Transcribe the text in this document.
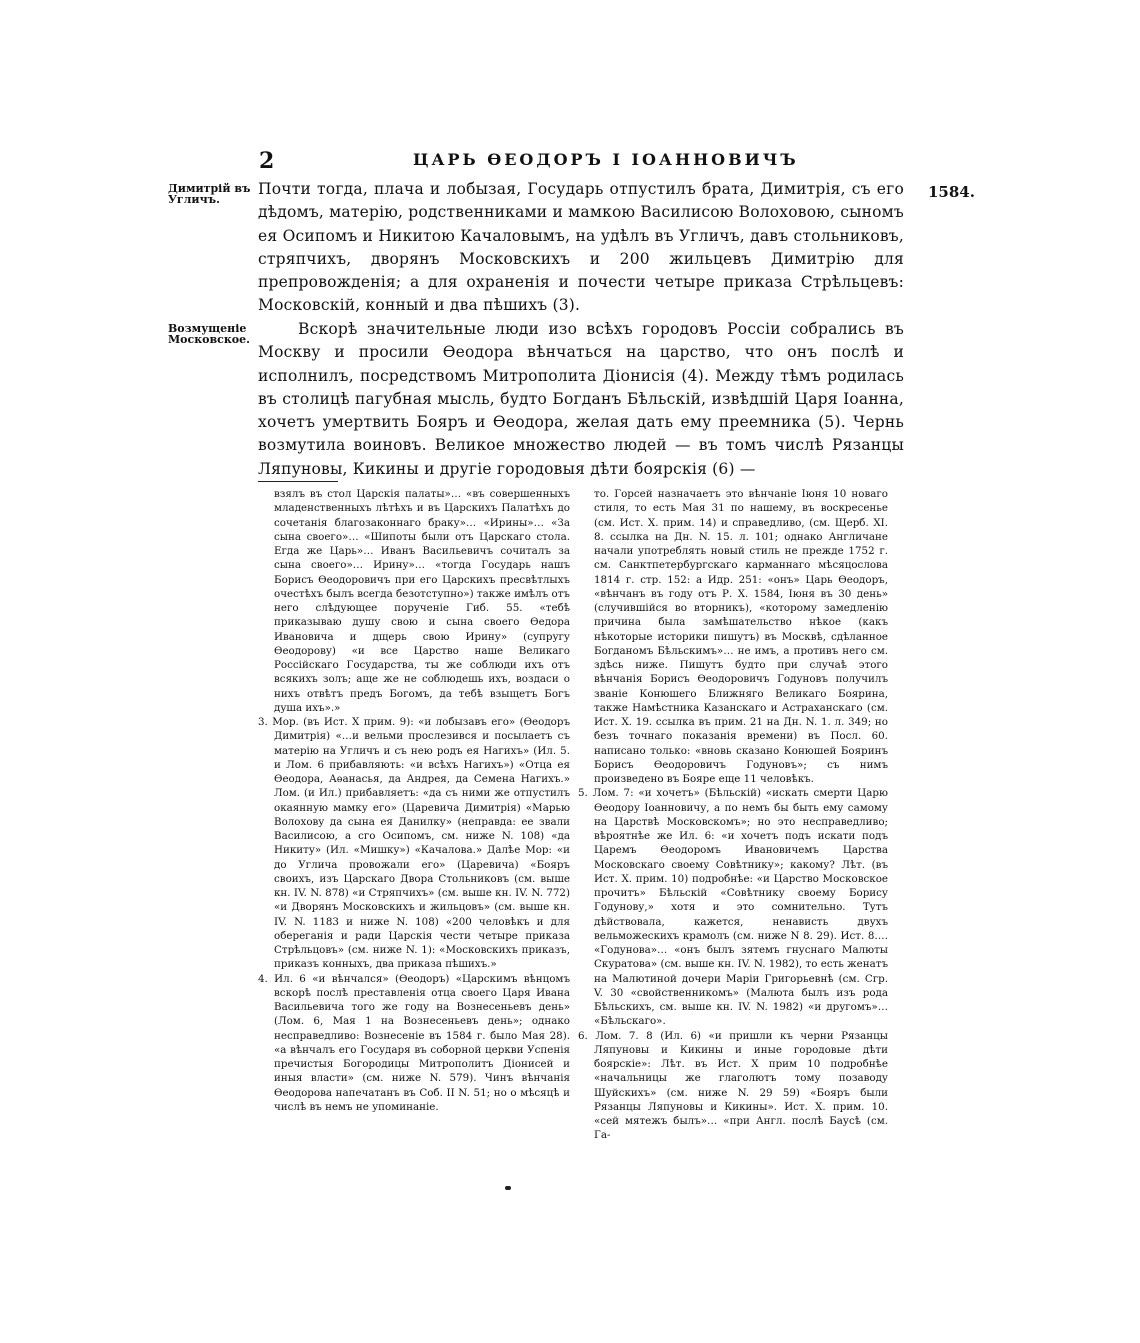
2	ЦАРЬ ѲЕОДОРЪ I IОАННОВИЧЪ
1584.
Димитрій въ Угличъ.
Возмущеніе Московское.

Почти тогда, плача и лобызая, Государь отпустилъ брата, Димитрія, съ его дѣдомъ, матерію, родственниками и мамкою Василисою Волоховою, сыномъ ея Осипомъ и Никитою Качаловымъ, на удѣлъ въ Угличъ, давъ стольниковъ, стряпчихъ, дворянъ Московскихъ и 200 жильцевъ Димитрію для препровожденія; а для охраненія и почести четыре приказа Стрѣльцевъ: Московскій, конный и два пѣшихъ (3).

Вскорѣ значительные люди изо всѣхъ городовъ Россіи собрались въ Москву и просили Ѳеодора вѣнчаться на царство, что онъ послѣ и исполнилъ, посредствомъ Митрополита Діонисія (4). Между тѣмъ родилась въ столицѣ пагубная мысль, будто Богданъ Бѣльскій, извѣдшій Царя Іоанна, хочетъ умертвить Бояръ и Ѳеодора, желая дать ему преемника (5). Чернь возмутила воиновъ. Великое множество людей — въ томъ числѣ Рязанцы Ляпуновы, Кикины и другіе городовыя дѣти боярскія (6) —

взялъ въ стол Царскія палаты»… «въ совершенныхъ младенственныхъ лѣтѣхъ и въ Царскихъ Палатѣхъ до сочетанія благозаконнаго браку»… «Ирины»… «За сына своего»… «Шипоты были отъ Царскаго стола. Егда же Царь»… Иванъ Васильевичъ сочиталъ за сына своего»… Ирину»… «тогда Государь нашъ Борисъ Ѳеодоровичъ при его Царскихъ пресвѣтлыхъ очестѣхъ былъ всегда безотступно») также имѣлъ отъ него слѣдующее порученіе Гиб. 55. «тебѣ приказываю душу свою и сына своего Ѳедора Ивановича и дщерь свою Ирину» (супругу Ѳеодорову) «и все Царство наше Великаго Россійскаго Государства, ты же соблюди ихъ отъ всякихъ золъ; аще же не соблюдешь ихъ, воздаси о нихъ отвѣтъ предъ Богомъ, да тебѣ взыщетъ Богъ душа ихъ».»

3. Мор. (въ Ист. X прим. 9): «и лобызавъ его» (Ѳеодоръ Димитрія) «…и вельми прослезився и посылаетъ съ матерію на Угличъ и съ нею родъ ея Нагихъ» (Ил. 5. и Лом. 6 прибавляють: «и всѣхъ Нагихъ») «Отца ея Ѳеодора, Аѳанасья, да Андрея, да Семена Нагихъ.» Лом. (и Ил.) прибавляетъ: «да съ ними же отпустилъ окаянную мамку его» (Царевича Димитрія) «Марью Волохову да сына ея Данилку» (неправда: ее звали Василисою, а сго Осипомъ, см. ниже N. 108) «да Никиту» (Ил. «Мишку») «Качалова.» Далѣе Мор: «и до Углича провожали его» (Царевича) «Бояръ своихъ, изъ Царскаго Двора Стольниковъ (см. выше кн. IV. N. 878) «и Стряпчихъ» (см. выше кн. IV. N. 772) «и Дворянъ Московскихъ и жильцовъ» (см. выше кн. IV. N. 1183 и ниже N. 108) «200 человѣкъ и для обереганія и ради Царскія чести четыре приказа Стрѣльцовъ» (см. ниже N. 1): «Московскихъ приказъ, приказъ конныхъ, два приказа пѣшихъ.»

4. Ил. 6 «и вѣнчался» (Ѳеодоръ) «Царскимъ вѣнцомъ вскорѣ послѣ преставленія отца своего Царя Ивана Васильевича того же году на Вознесеньевъ день» (Лом. 6, Мая 1 на Вознесеньевъ день»; однако несправедливо: Вознесеніе въ 1584 г. было Мая 28). «а вѣнчалъ его Государя въ соборной церкви Успенія пречистыя Богородицы Митрополитъ Діонисей и иныя власти» (см. ниже N. 579). Чинъ вѣнчанія Ѳеодорова напечатанъ въ Соб. II N. 51; но о мѣсяцѣ и числѣ въ немъ не упоминаніе.

то. Горсей назначаетъ это вѣнчаніе Іюня 10 новаго стиля, то есть Мая 31 по нашему, въ воскресенье (см. Ист. X. прим. 14) и справедливо, (см. Щерб. XI. 8. ссылка на Дн. N. 15. л. 101; однако Англичане начали употреблять новый стиль не прежде 1752 г. см. Санктпетербургскаго карманнаго мѣсяцослова 1814 г. стр. 152: а Идр. 251: «онъ» Царь Ѳеодоръ, «вѣнчанъ въ году отъ Р. X. 1584, Іюня въ 30 день» (случившійся во вторникъ), «которому замедленію причина была замѣшательство нѣкое (какъ нѣкоторые историки пишутъ) въ Москвѣ, сдѣланное Богданомъ Бѣльскимъ»… не имъ, а противъ него см. здѣсь ниже. Пишутъ будто при случаѣ этого вѣнчанія Борисъ Ѳеодоровичъ Годуновъ получилъ званіе Конюшего Ближняго Великаго Боярина, также Намѣстника Казанскаго и Астраханскаго (см. Ист. X. 19. ссылка въ прим. 21 на Дн. N. 1. л. 349; но безъ точнаго показанія времени) въ Посл. 60. написано только: «вновь сказано Конюшей Бояринъ Борисъ Ѳеодоровичъ Годуновъ»; съ нимъ произведено въ Бояре еще 11 человѣкъ.

5. Лом. 7: «и хочетъ» (Бѣльскій) «искать смерти Царю Ѳеодору Іоанновичу, а по немъ бы быть ему самому на Царствѣ Московскомъ»; но это несправедливо; вѣроятнѣе же Ил. 6: «и хочетъ подъ искати подъ Царемъ Ѳеодоромъ Ивановичемъ Царства Московскаго своему Совѣтнику»; какому? Лѣт. (въ Ист. X. прим. 10) подробнѣе: «и Царство Московское прочитъ» Бѣльскій «Совѣтнику своему Борису Годунову,» хотя и это сомнительно. Тутъ дѣйствовала, кажется, ненависть двухъ вельможескихъ крамолъ (см. ниже N 8. 29). Ист. 8…. «Годунова»… «онъ былъ зятемъ гнуснаго Малюты Скуратова» (см. выше кн. IV. N. 1982), то есть женатъ на Малютиной дочери Маріи Григорьевнѣ (см. Сгр. V. 30 «свойственникомъ» (Малюта былъ изъ рода Бѣльскихъ, см. выше кн. IV. N. 1982) «и другомъ»… «Бѣльскаго».

6. Лом. 7. 8 (Ил. 6) «и пришли къ черни Рязанцы Ляпуновы и Кикины и иные городовые дѣти боярскіе»: Лѣт. въ Ист. X прим 10 подробнѣе «начальницы же глаголютъ тому позаводу Шуйскихъ» (см. ниже N. 29 59) «Бояръ были Рязанцы Ляпуновы и Кикины». Ист. X. прим. 10. «сей мятежъ былъ»… «при Англ. послѣ Баусѣ (см. Га-
